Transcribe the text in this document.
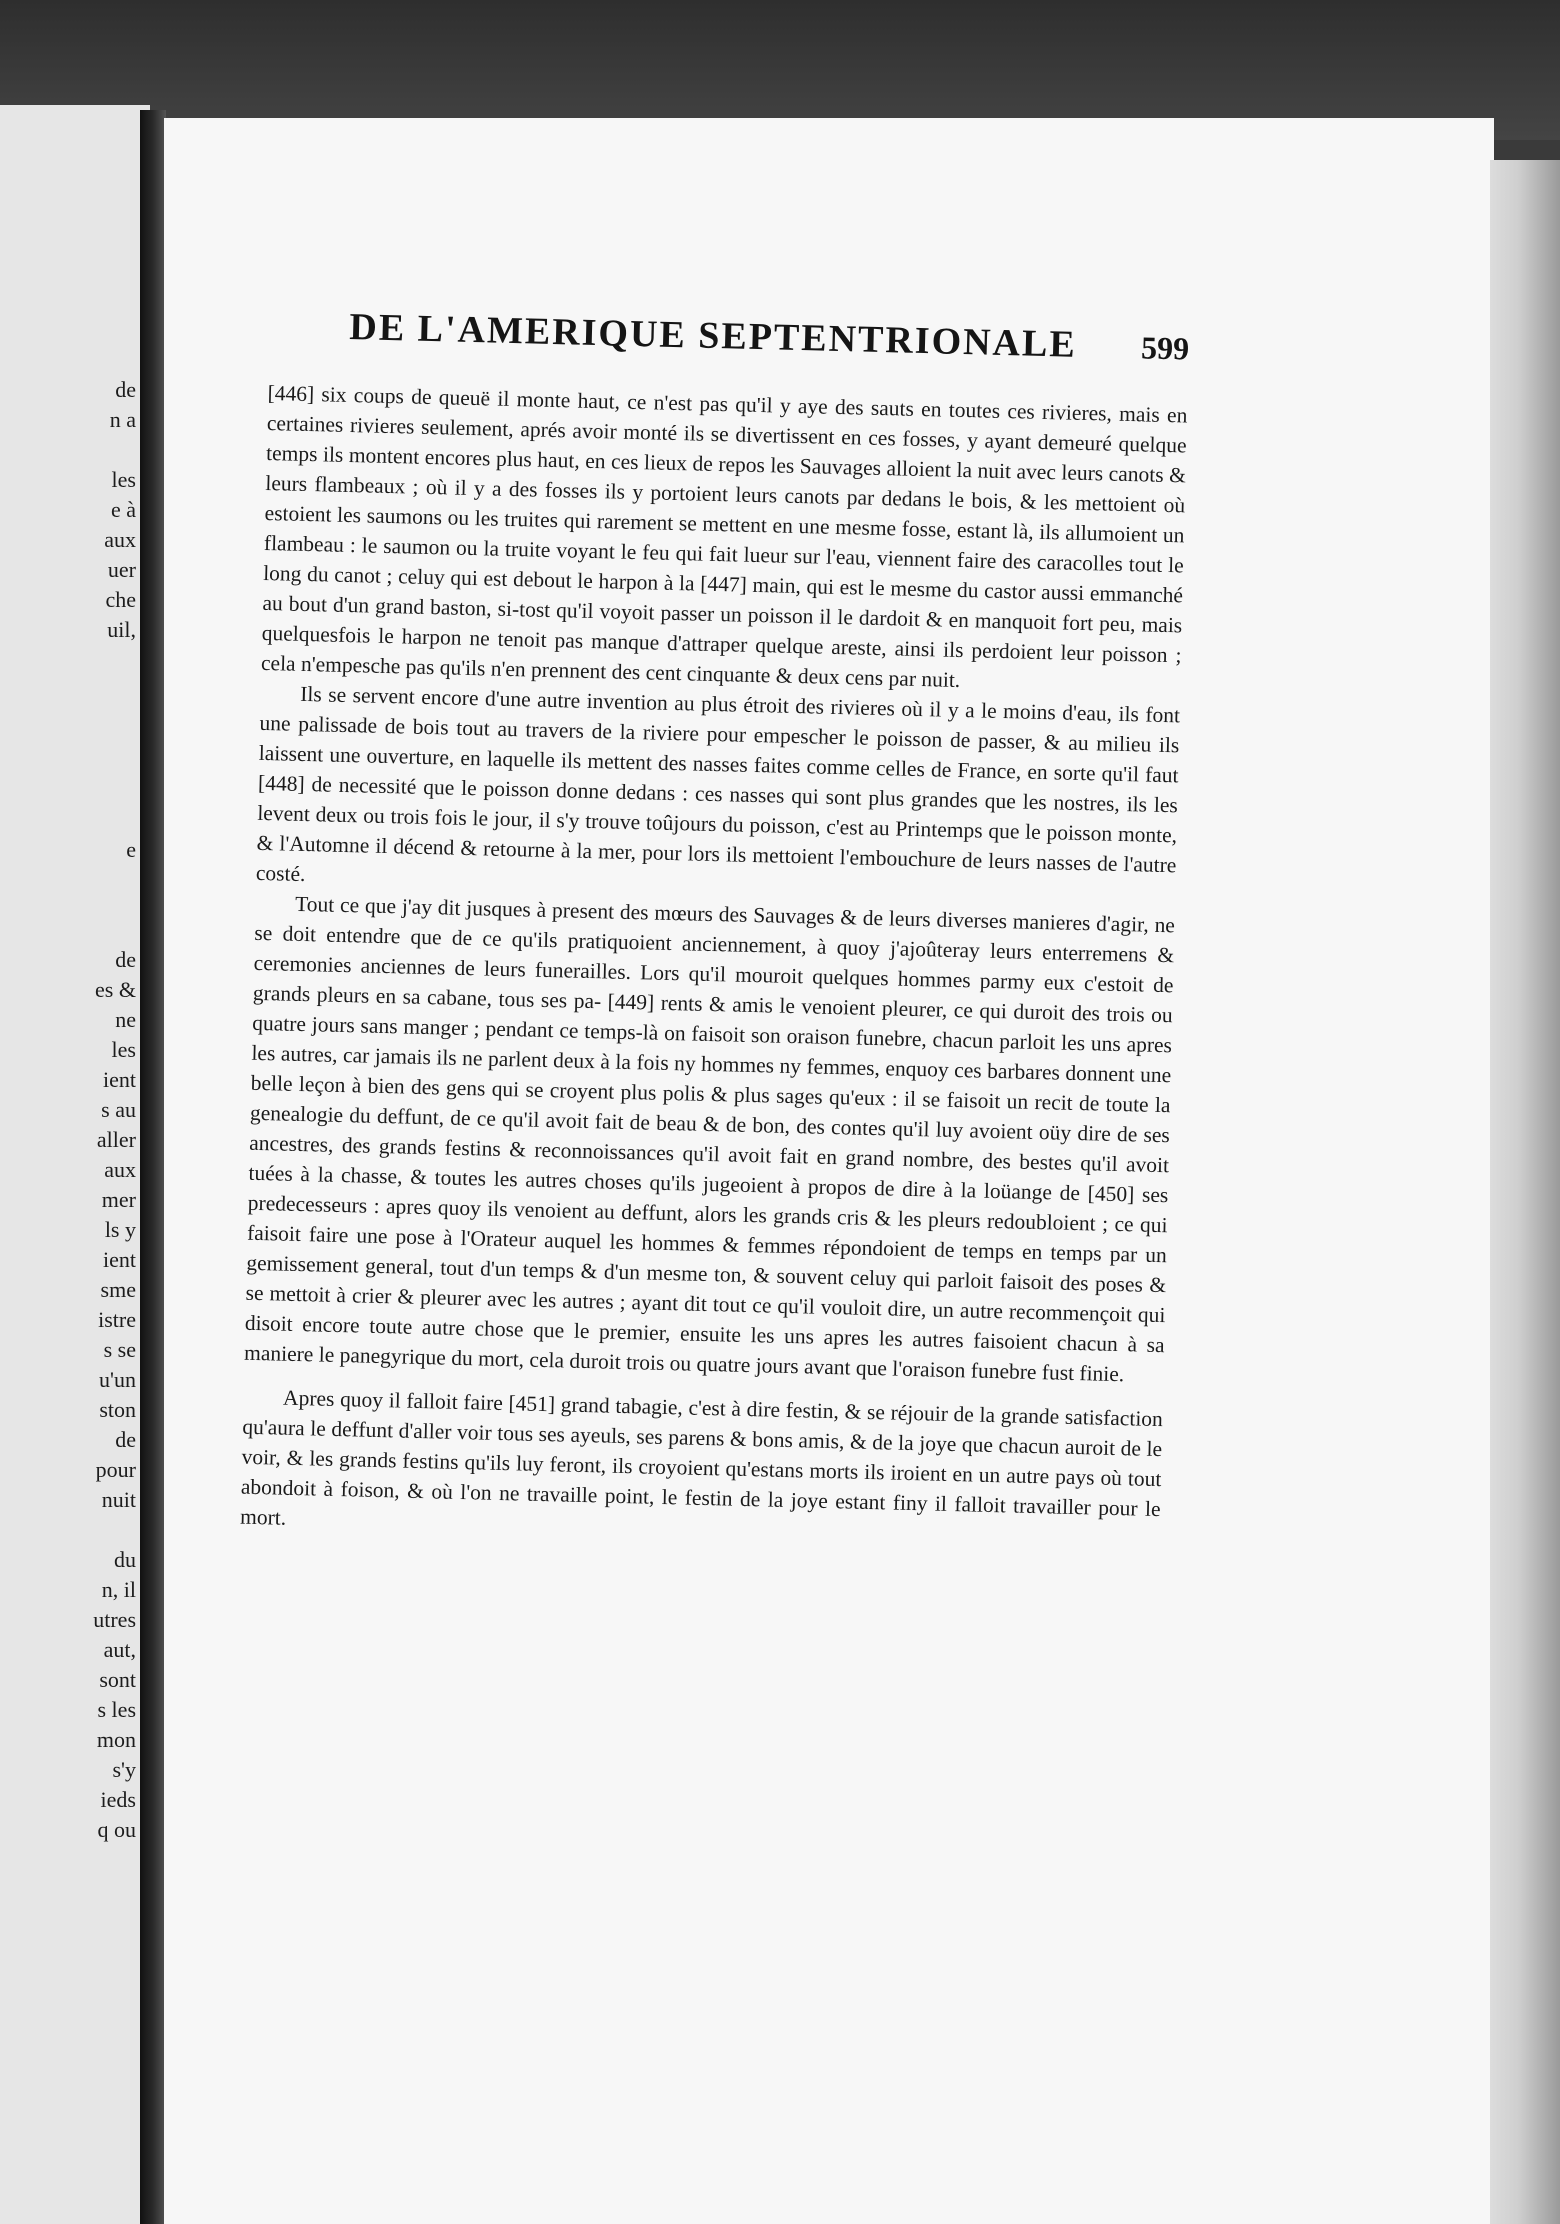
de
n a
les
e à
aux
uer
che
uil,
e
de
es &
ne
les
ient
s au
aller
aux
mer
ls y
ient
sme
istre
s se
u'un
ston
de
pour
nuit
du
n, il
utres
aut,
sont
s les
mon
s'y
ieds
q ou
DE L'AMERIQUE SEPTENTRIONALE 599

[446] six coups de queuë il monte haut, ce n'est pas qu'il y aye des sauts en toutes ces rivieres, mais en certaines rivieres seulement, aprés avoir monté ils se divertissent en ces fosses, y ayant demeuré quelque temps ils montent encores plus haut, en ces lieux de repos les Sauvages alloient la nuit avec leurs canots & leurs flambeaux ; où il y a des fosses ils y portoient leurs canots par dedans le bois, & les mettoient où estoient les saumons ou les truites qui rarement se mettent en une mesme fosse, estant là, ils allumoient un flambeau : le saumon ou la truite voyant le feu qui fait lueur sur l'eau, viennent faire des caracolles tout le long du canot ; celuy qui est debout le harpon à la [447] main, qui est le mesme du castor aussi emmanché au bout d'un grand baston, si-tost qu'il voyoit passer un poisson il le dardoit & en manquoit fort peu, mais quelquesfois le harpon ne tenoit pas manque d'attraper quelque areste, ainsi ils perdoient leur poisson ; cela n'empesche pas qu'ils n'en prennent des cent cinquante & deux cens par nuit.

Ils se servent encore d'une autre invention au plus étroit des rivieres où il y a le moins d'eau, ils font une palissade de bois tout au travers de la riviere pour empescher le poisson de passer, & au milieu ils laissent une ouverture, en laquelle ils mettent des nasses faites comme celles de France, en sorte qu'il faut [448] de necessité que le poisson donne dedans : ces nasses qui sont plus grandes que les nostres, ils les levent deux ou trois fois le jour, il s'y trouve toûjours du poisson, c'est au Printemps que le poisson monte, & l'Automne il décend & retourne à la mer, pour lors ils mettoient l'embouchure de leurs nasses de l'autre costé.

Tout ce que j'ay dit jusques à present des mœurs des Sauvages & de leurs diverses manieres d'agir, ne se doit entendre que de ce qu'ils pratiquoient anciennement, à quoy j'ajoûteray leurs enterremens & ceremonies anciennes de leurs funerailles. Lors qu'il mouroit quelques hommes parmy eux c'estoit de grands pleurs en sa cabane, tous ses pa- [449] rents & amis le venoient pleurer, ce qui duroit des trois ou quatre jours sans manger ; pendant ce temps-là on faisoit son oraison funebre, chacun parloit les uns apres les autres, car jamais ils ne parlent deux à la fois ny hommes ny femmes, enquoy ces barbares donnent une belle leçon à bien des gens qui se croyent plus polis & plus sages qu'eux : il se faisoit un recit de toute la genealogie du deffunt, de ce qu'il avoit fait de beau & de bon, des contes qu'il luy avoient oüy dire de ses ancestres, des grands festins & reconnoissances qu'il avoit fait en grand nombre, des bestes qu'il avoit tuées à la chasse, & toutes les autres choses qu'ils jugeoient à propos de dire à la loüange de [450] ses predecesseurs : apres quoy ils venoient au deffunt, alors les grands cris & les pleurs redoubloient ; ce qui faisoit faire une pose à l'Orateur auquel les hommes & femmes répondoient de temps en temps par un gemissement general, tout d'un temps & d'un mesme ton, & souvent celuy qui parloit faisoit des poses & se mettoit à crier & pleurer avec les autres ; ayant dit tout ce qu'il vouloit dire, un autre recommençoit qui disoit encore toute autre chose que le premier, ensuite les uns apres les autres faisoient chacun à sa maniere le panegyrique du mort, cela duroit trois ou quatre jours avant que l'oraison funebre fust finie.

Apres quoy il falloit faire [451] grand tabagie, c'est à dire festin, & se réjouir de la grande satisfaction qu'aura le deffunt d'aller voir tous ses ayeuls, ses parens & bons amis, & de la joye que chacun auroit de le voir, & les grands festins qu'ils luy feront, ils croyoient qu'estans morts ils iroient en un autre pays où tout abondoit à foison, & où l'on ne travaille point, le festin de la joye estant finy il falloit travailler pour le mort.
